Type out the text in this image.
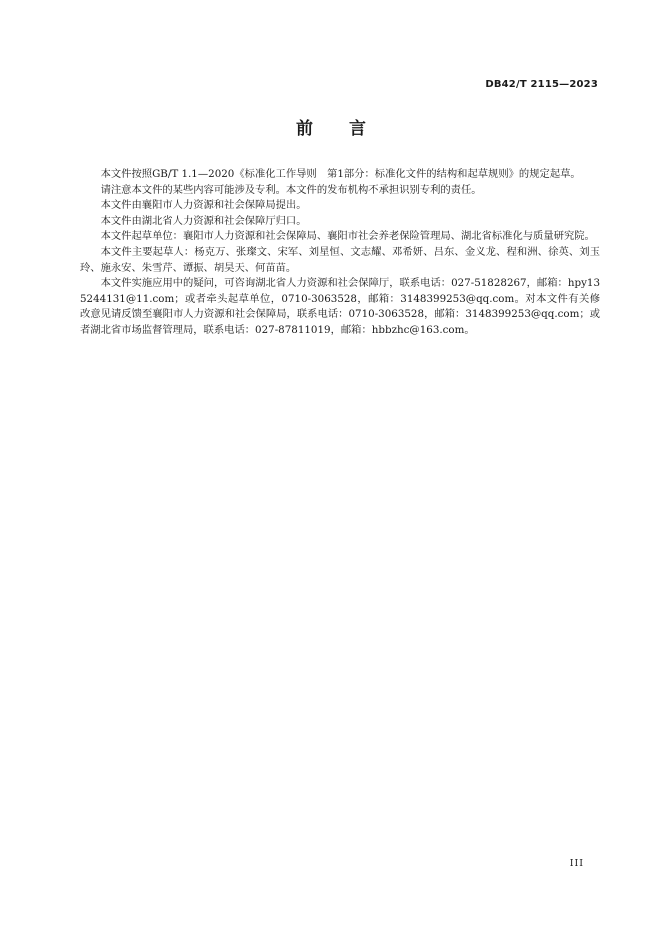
DB42/T 2115—2023
前言

本文件按照GB/T 1.1—2020《标准化工作导则　第1部分：标准化文件的结构和起草规则》的规定起草。

请注意本文件的某些内容可能涉及专利。本文件的发布机构不承担识别专利的责任。

本文件由襄阳市人力资源和社会保障局提出。

本文件由湖北省人力资源和社会保障厅归口。

本文件起草单位：襄阳市人力资源和社会保障局、襄阳市社会养老保险管理局、湖北省标准化与质量研究院。

本文件主要起草人：杨克万、张璨文、宋军、刘星恒、文志耀、邓希妍、吕东、金义龙、程和洲、徐英、刘玉玲、施永安、朱雪芹、谭振、胡昊天、何苗苗。

本文件实施应用中的疑问，可咨询湖北省人力资源和社会保障厅，联系电话：027-51828267，邮箱：hpy135244131@11.com；或者牵头起草单位，0710-3063528，邮箱：3148399253@qq.com。对本文件有关修改意见请反馈至襄阳市人力资源和社会保障局，联系电话：0710-3063528，邮箱：3148399253@qq.com；或者湖北省市场监督管理局，联系电话：027-87811019，邮箱：hbbzhc@163.com。

III
